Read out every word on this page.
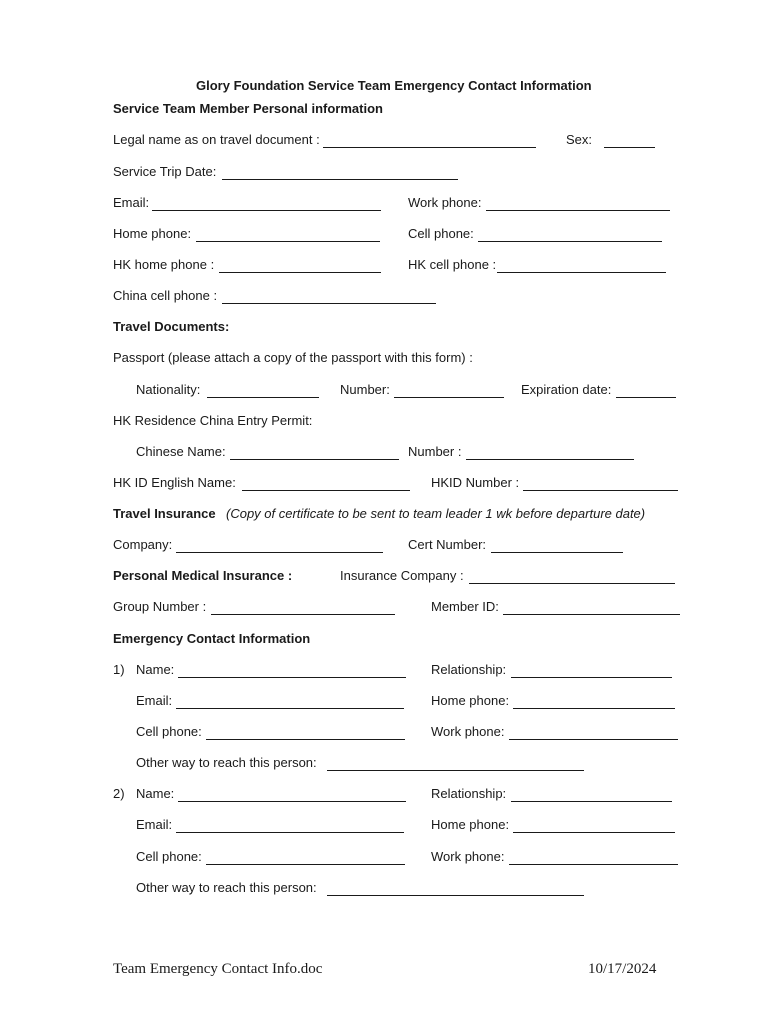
Glory Foundation Service Team Emergency Contact Information
Service Team Member Personal information
Legal name as on travel document :	Sex:
Service Trip Date:
Email:	Work phone:
Home phone:	Cell phone:
HK home phone :	HK cell phone :
China cell phone :
Travel Documents:
Passport (please attach a copy of the passport with this form) :
Nationality:	Number:	Expiration date:
HK Residence China Entry Permit:
Chinese Name:	Number :
HK ID English Name:	HKID Number :
Travel Insurance (Copy of certificate to be sent to team leader 1 wk before departure date)
Company:	Cert Number:
Personal Medical Insurance :	Insurance Company :
Group Number :	Member ID:
Emergency Contact Information
1) Name:	Relationship:
Email:	Home phone:
Cell phone:	Work phone:
Other way to reach this person:
2) Name:	Relationship:
Email:	Home phone:
Cell phone:	Work phone:
Other way to reach this person:
Team Emergency Contact Info.doc	10/17/2024
